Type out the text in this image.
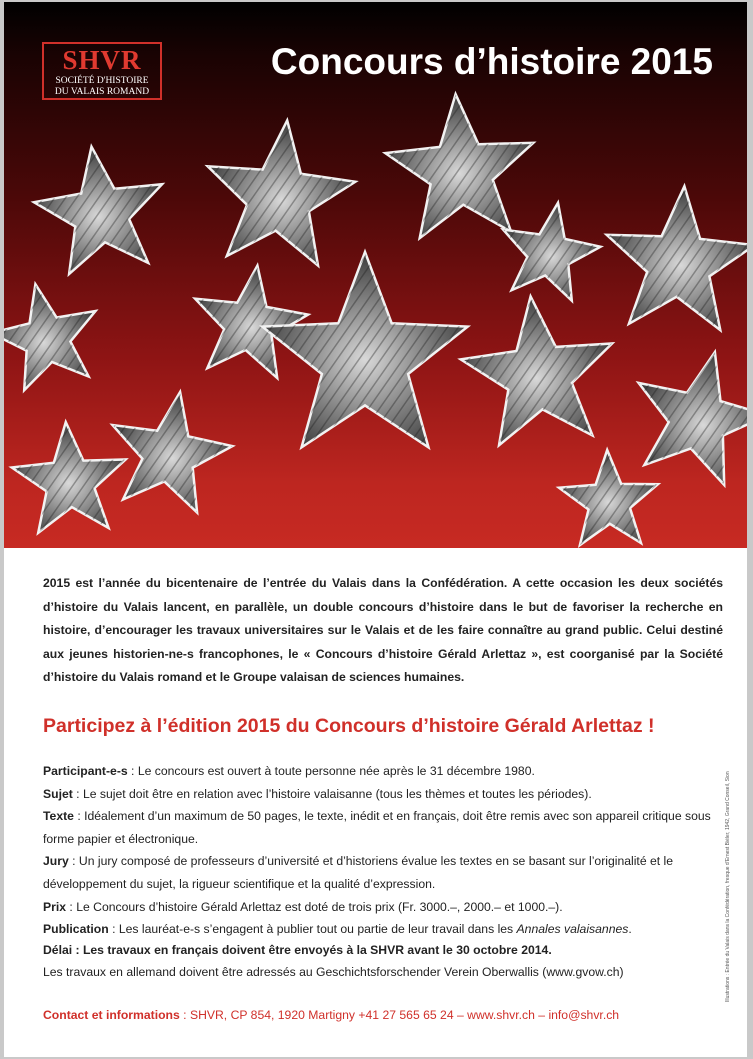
SHVR
SOCIÉTÉ D'HISTOIRE
DU VALAIS ROMAND
Concours d’histoire 2015
2015 est l’année du bicentenaire de l’entrée du Valais dans la Confédération. A cette occasion les deux sociétés d’histoire du Valais lancent, en parallèle, un double concours d’histoire dans le but de favoriser la recherche en histoire, d’encourager les travaux universitaires sur le Valais et de les faire connaître au grand public. Celui destiné aux jeunes historien-ne-s francophones, le « Concours d’histoire Gérald Arlettaz », est coorganisé par la Société d’histoire du Valais romand et le Groupe valaisan de sciences humaines.
Participez à l’édition 2015 du Concours d’histoire Gérald Arlettaz !

Participant-e-s : Le concours est ouvert à toute personne née après le 31 décembre 1980.

Sujet : Le sujet doit être en relation avec l’histoire valaisanne (tous les thèmes et toutes les périodes).

Texte : Idéalement d’un maximum de 50 pages, le texte, inédit et en français, doit être remis avec son appareil critique sous forme papier et électronique.

Jury : Un jury composé de professeurs d’université et d’historiens évalue les textes en se basant sur l’originalité et le développement du sujet, la rigueur scientifique et la qualité d’expression.

Prix : Le Concours d’histoire Gérald Arlettaz est doté de trois prix (Fr. 3000.–, 2000.– et 1000.–).

Publication : Les lauréat-e-s s’engagent à publier tout ou partie de leur travail dans les Annales valaisannes.

Délai : Les travaux en français doivent être envoyés à la SHVR avant le 30 octobre 2014.
Les travaux en allemand doivent être adressés au Geschichtsforschender Verein Oberwallis (www.gvow.ch)
Contact et informations : SHVR, CP 854, 1920 Martigny +41 27 565 65 24 – www.shvr.ch – info@shvr.ch
Illustrations : Entrée du Valais dans la Confédération, fresque d’Ernest Biéler, 1942, Grand Conseil, Sion
